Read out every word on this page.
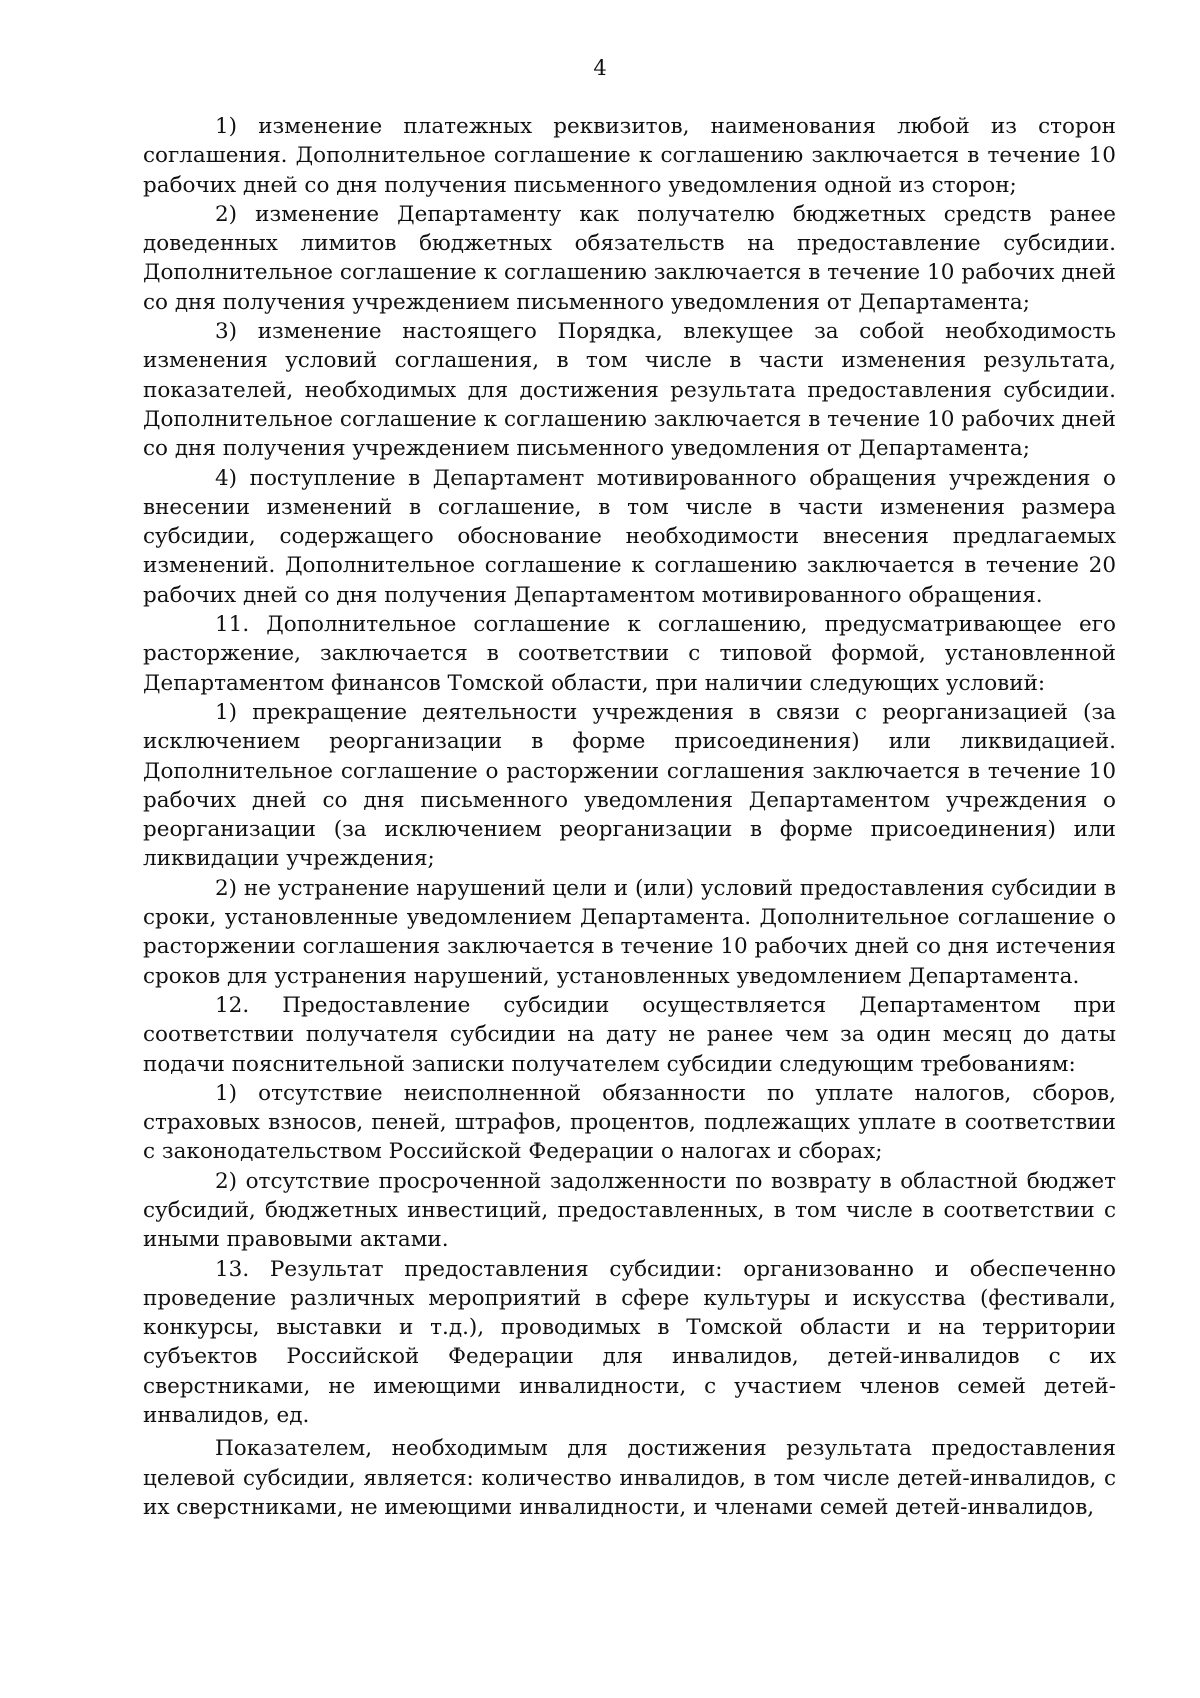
4

1) изменение платежных реквизитов, наименования любой из сторон соглашения. Дополнительное соглашение к соглашению заключается в течение 10 рабочих дней со дня получения письменного уведомления одной из сторон;

2) изменение Департаменту как получателю бюджетных средств ранее доведенных лимитов бюджетных обязательств на предоставление субсидии. Дополнительное соглашение к соглашению заключается в течение 10 рабочих дней со дня получения учреждением письменного уведомления от Департамента;

3) изменение настоящего Порядка, влекущее за собой необходимость изменения условий соглашения, в том числе в части изменения результата, показателей, необходимых для достижения результата предоставления субсидии. Дополнительное соглашение к соглашению заключается в течение 10 рабочих дней со дня получения учреждением письменного уведомления от Департамента;

4) поступление в Департамент мотивированного обращения учреждения о внесении изменений в соглашение, в том числе в части изменения размера субсидии, содержащего обоснование необходимости внесения предлагаемых изменений. Дополнительное соглашение к соглашению заключается в течение 20 рабочих дней со дня получения Департаментом мотивированного обращения.

11. Дополнительное соглашение к соглашению, предусматривающее его расторжение, заключается в соответствии с типовой формой, установленной Департаментом финансов Томской области, при наличии следующих условий:

1) прекращение деятельности учреждения в связи с реорганизацией (за исключением реорганизации в форме присоединения) или ликвидацией. Дополнительное соглашение о расторжении соглашения заключается в течение 10 рабочих дней со дня письменного уведомления Департаментом учреждения о реорганизации (за исключением реорганизации в форме присоединения) или ликвидации учреждения;

2) не устранение нарушений цели и (или) условий предоставления субсидии в сроки, установленные уведомлением Департамента. Дополнительное соглашение о расторжении соглашения заключается в течение 10 рабочих дней со дня истечения сроков для устранения нарушений, установленных уведомлением Департамента.

12. Предоставление субсидии осуществляется Департаментом при соответствии получателя субсидии на дату не ранее чем за один месяц до даты подачи пояснительной записки получателем субсидии следующим требованиям:

1) отсутствие неисполненной обязанности по уплате налогов, сборов, страховых взносов, пеней, штрафов, процентов, подлежащих уплате в соответствии с законодательством Российской Федерации о налогах и сборах;

2) отсутствие просроченной задолженности по возврату в областной бюджет субсидий, бюджетных инвестиций, предоставленных, в том числе в соответствии с иными правовыми актами.

13. Результат предоставления субсидии: организованно и обеспеченно проведение различных мероприятий в сфере культуры и искусства (фестивали, конкурсы, выставки и т.д.), проводимых в Томской области и на территории субъектов Российской Федерации для инвалидов, детей-инвалидов с их сверстниками, не имеющими инвалидности, с участием членов семей детей-инвалидов, ед.

Показателем, необходимым для достижения результата предоставления целевой субсидии, является: количество инвалидов, в том числе детей-инвалидов, с их сверстниками, не имеющими инвалидности, и членами семей детей-инвалидов,
